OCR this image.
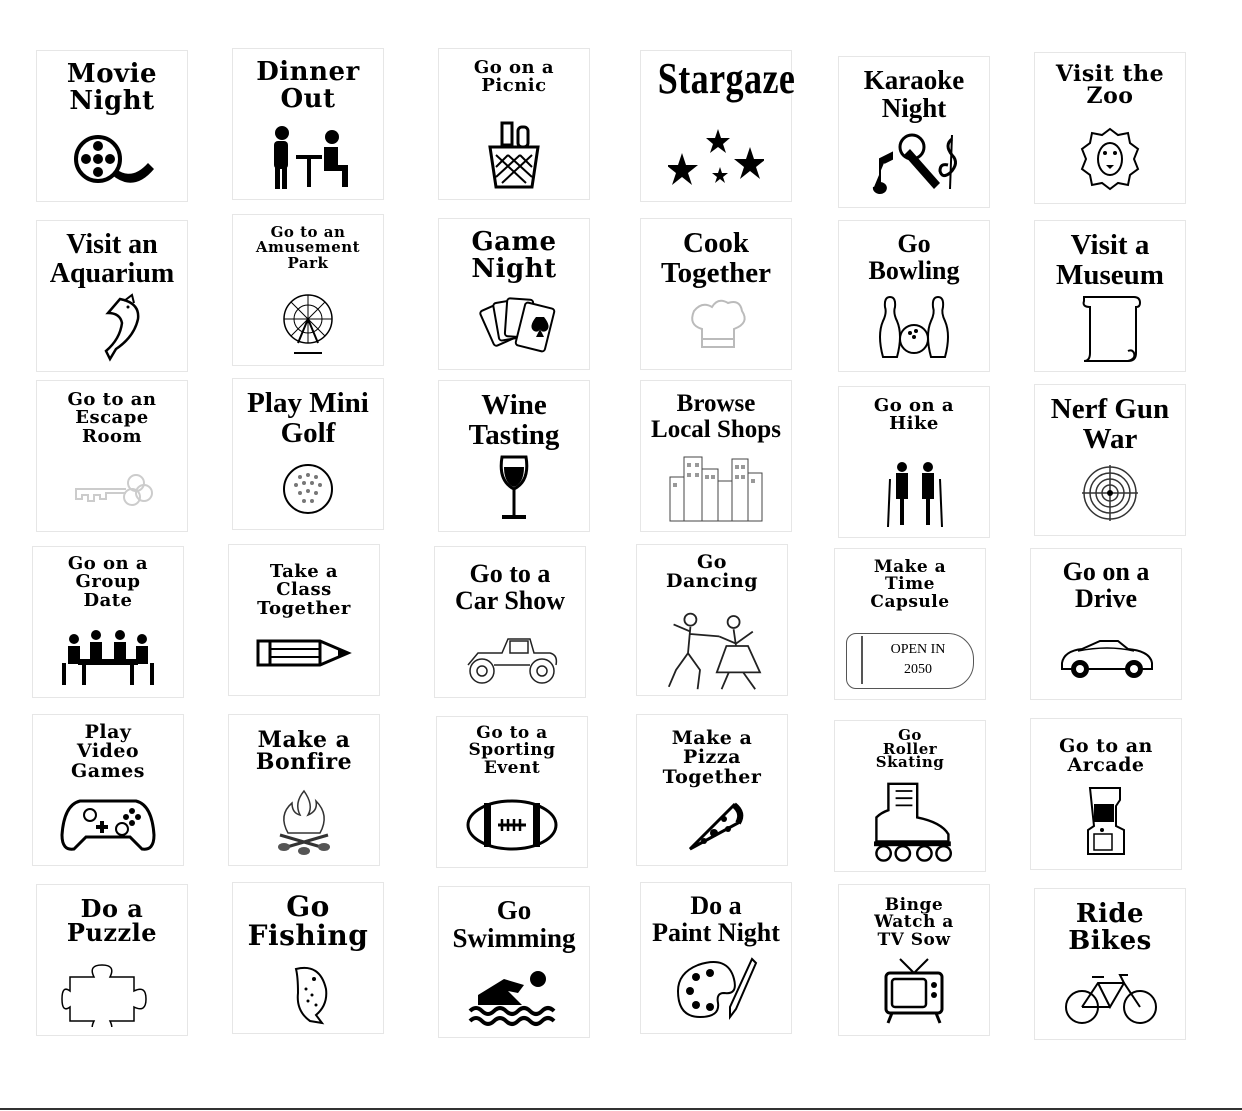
Movie
Night
Dinner
Out
Go on a
Picnic	Stargaze	Karaoke
Night
Visit the
Zoo
Visit an
Aquarium
Go to an
Amusement
Park
Game
Night
Cook
Together
Go
Bowling
Visit a
Museum
Go to an
Escape
Room
Play Mini
Golf
Wine
Tasting
Browse
Local Shops
Go on a
Hike	Nerf Gun
War
Go on a
Group
Date
Take a
Class
Together
Go to a
Car Show
Go
Dancing
Make a
Time
Capsule
OPEN IN
2050
Go on a
Drive
Play
Video
Games
Make a
Bonfire
Go to a
Sporting
Event
Make a
Pizza
Together
Go
Roller
Skating
Go to an
Arcade
Do a
Puzzle
Go
Fishing
Go
Swimming
Do a
Paint Night
Binge
Watch a
TV Sow
Ride
Bikes
